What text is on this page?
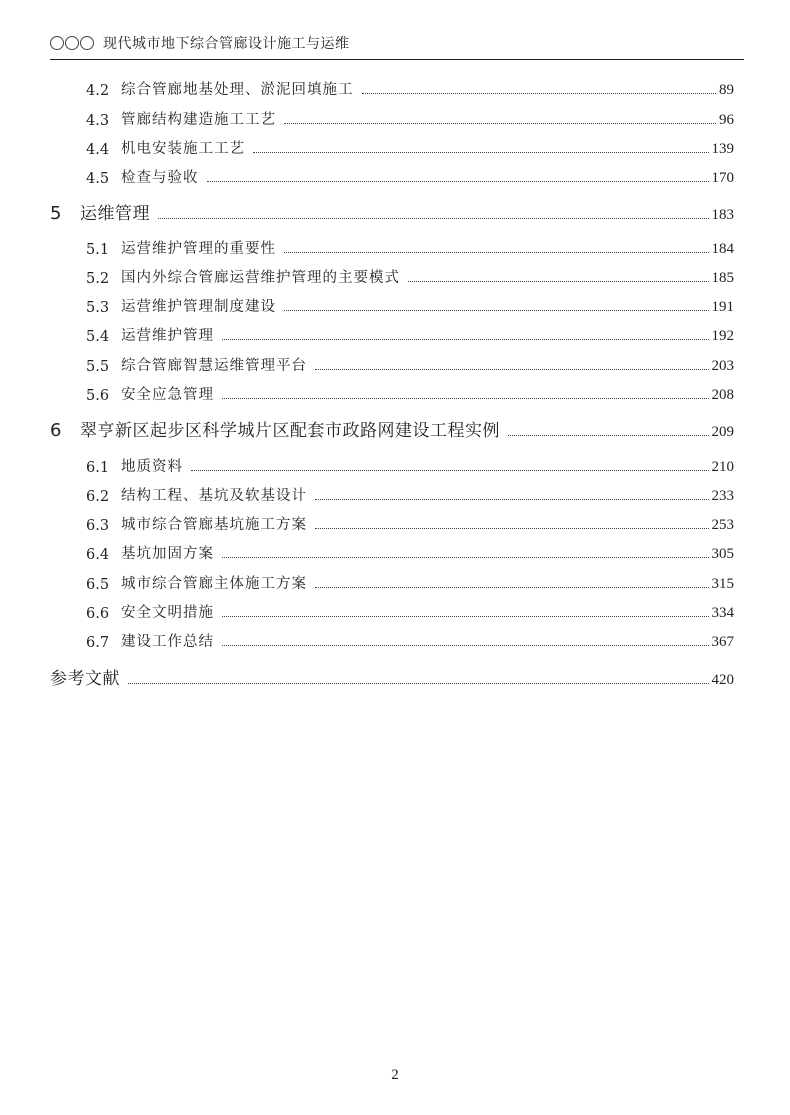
现代城市地下综合管廊设计施工与运维
4.2 综合管廊地基处理、淤泥回填施工	89
4.3 管廊结构建造施工工艺	96
4.4 机电安装施工工艺	139
4.5 检查与验收	170
5	运维管理	183
5.1 运营维护管理的重要性	184
5.2 国内外综合管廊运营维护管理的主要模式	185
5.3 运营维护管理制度建设	191
5.4 运营维护管理	192
5.5 综合管廊智慧运维管理平台	203
5.6 安全应急管理	208
6	翠亨新区起步区科学城片区配套市政路网建设工程实例	209
6.1 地质资料	210
6.2 结构工程、基坑及软基设计	233
6.3 城市综合管廊基坑施工方案	253
6.4 基坑加固方案	305
6.5 城市综合管廊主体施工方案	315
6.6 安全文明措施	334
6.7 建设工作总结	367
参考文献	420
2
